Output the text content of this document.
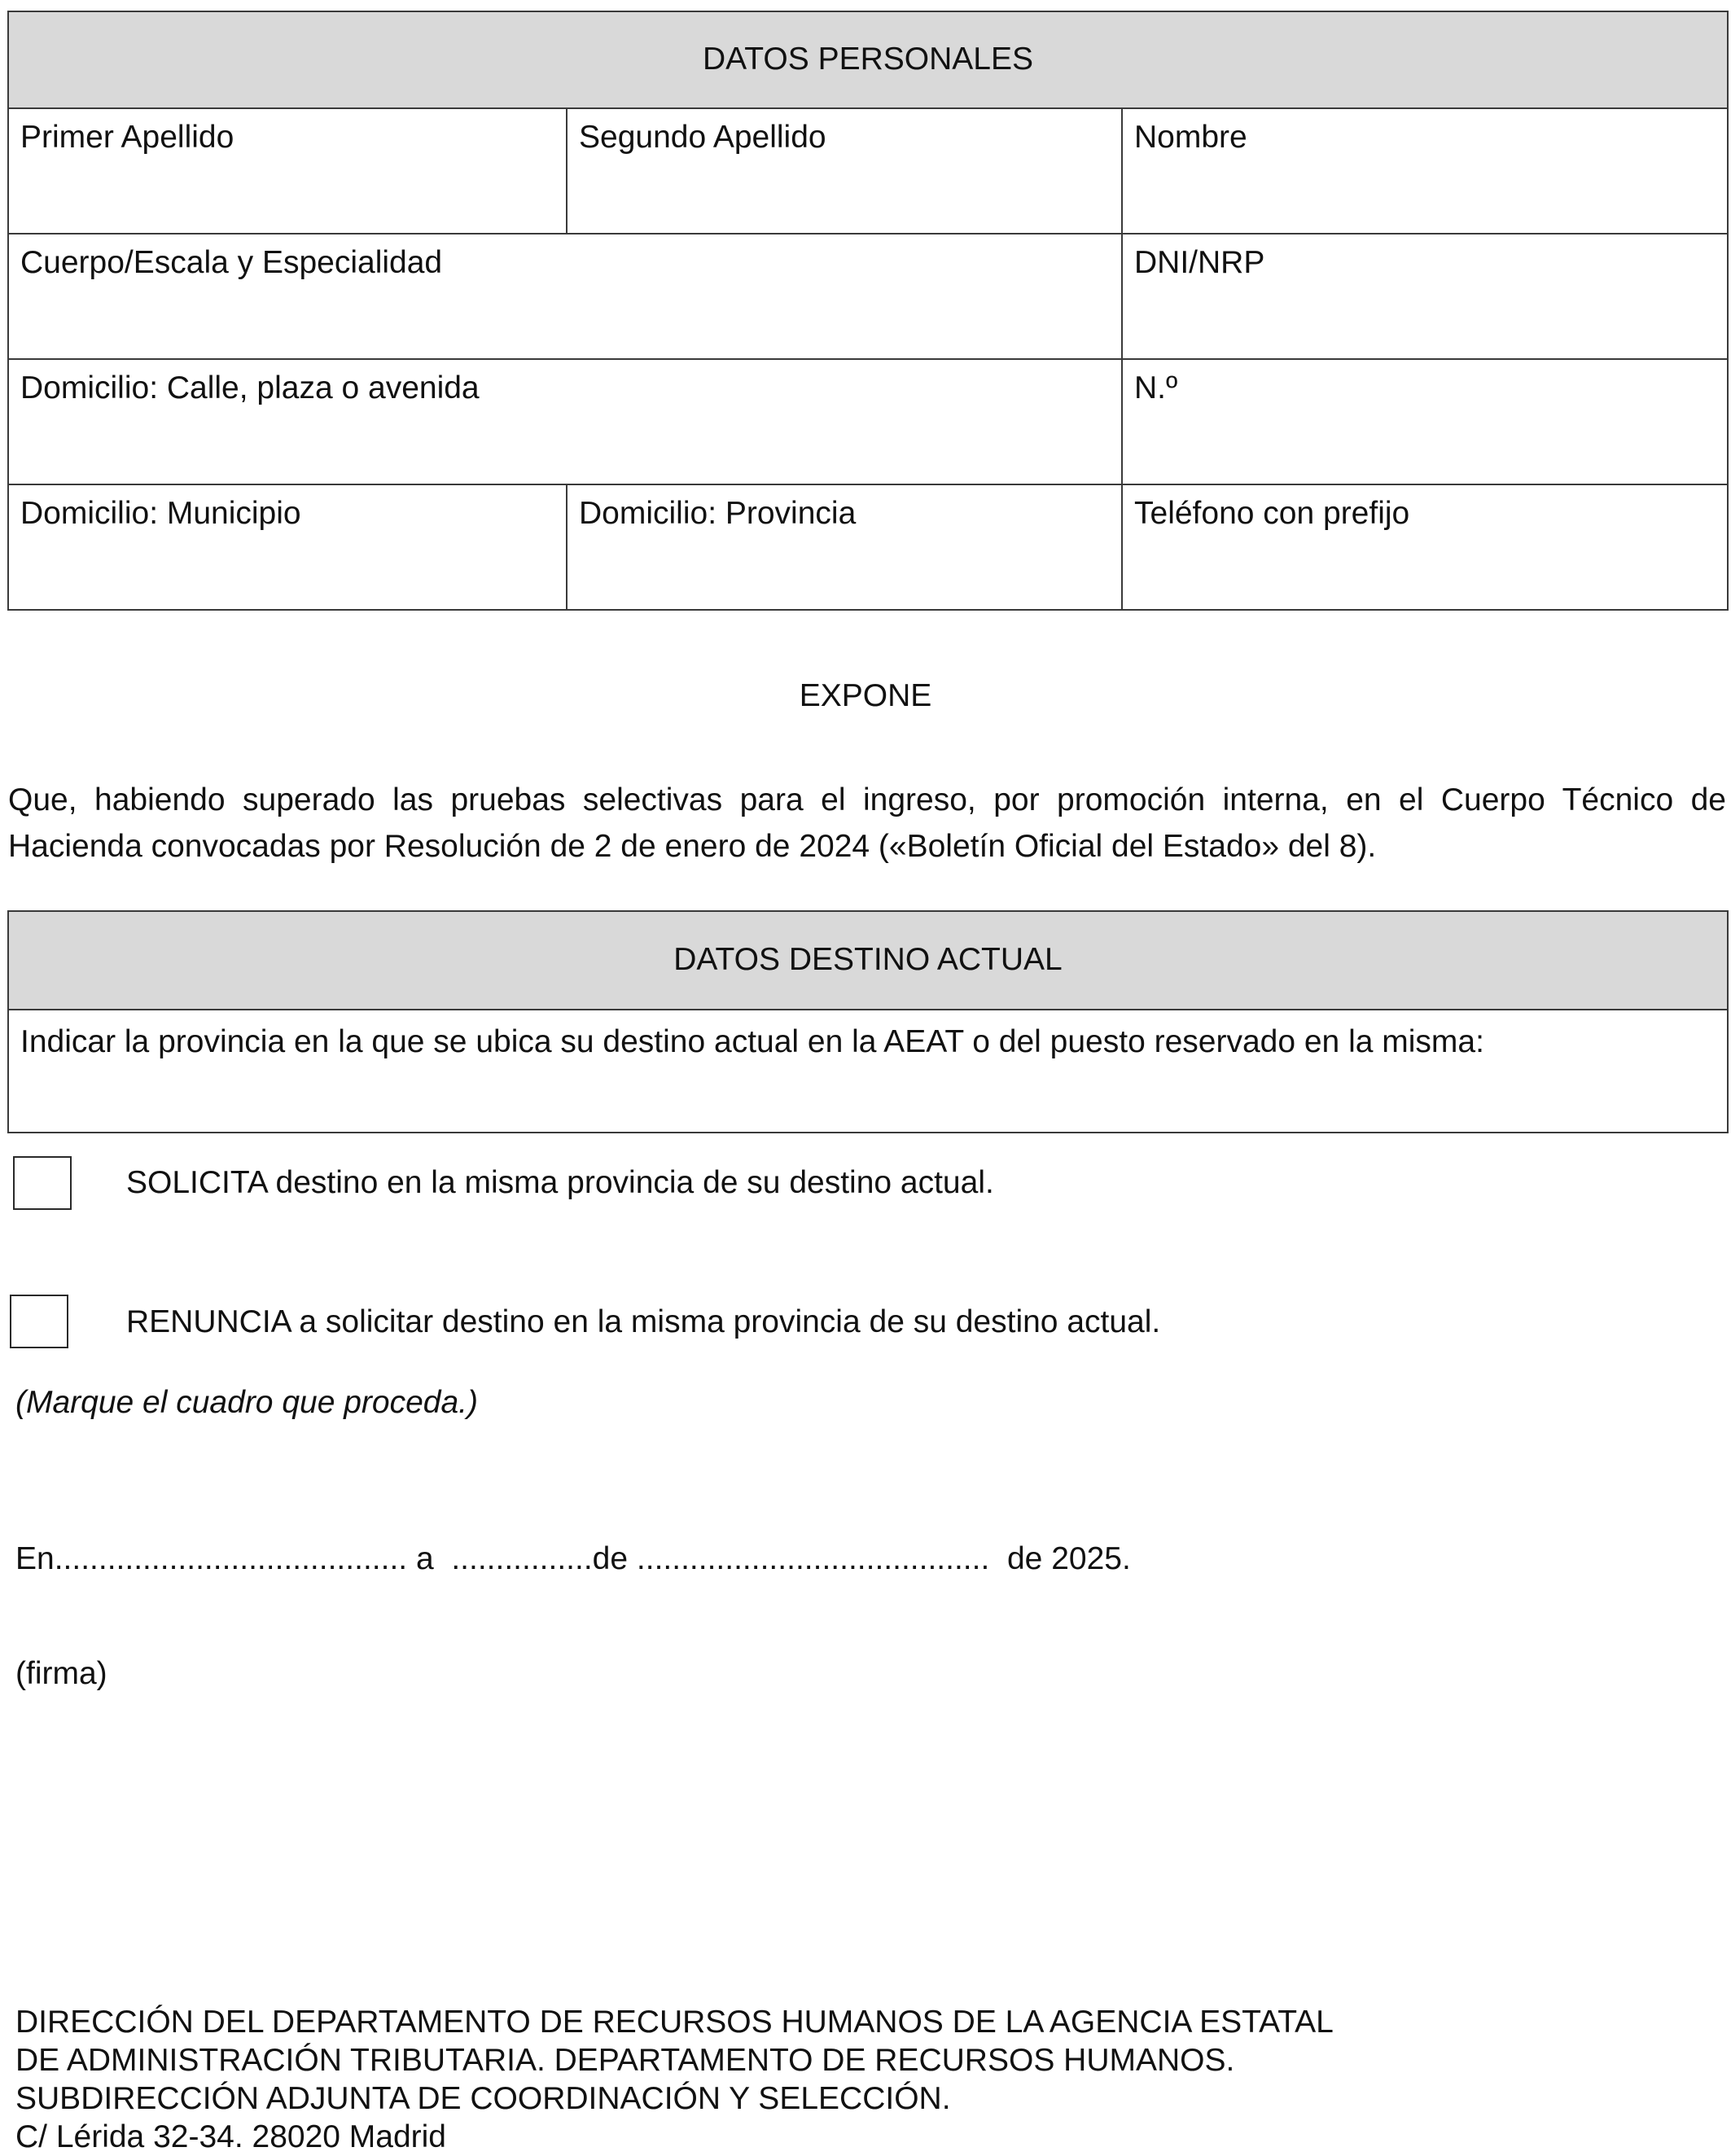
DATOS PERSONALES		

Primer Apellido	Segundo Apellido	Nombre

Cuerpo/Escala y Especialidad		DNI/NRP

Domicilio: Calle, plaza o avenida		N.º

Domicilio: Municipio	Domicilio: Provincia	Teléfono con prefijo
EXPONE
Que, habiendo superado las pruebas selectivas para el ingreso, por promoción interna, en el Cuerpo Técnico de Hacienda convocadas por Resolución de 2 de enero de 2024 («Boletín Oficial del Estado» del 8).
DATOS DESTINO ACTUAL

Indicar la provincia en la que se ubica su destino actual en la AEAT o del puesto reservado en la misma:
SOLICITA destino en la misma provincia de su destino actual.
RENUNCIA a solicitar destino en la misma provincia de su destino actual.
(Marque el cuadro que proceda.)
En........................................ a  ................de ........................................  de 2025.
(firma)
DIRECCIÓN DEL DEPARTAMENTO DE RECURSOS HUMANOS DE LA AGENCIA ESTATAL
DE ADMINISTRACIÓN TRIBUTARIA. DEPARTAMENTO DE RECURSOS HUMANOS.
SUBDIRECCIÓN ADJUNTA DE COORDINACIÓN Y SELECCIÓN.
C/ Lérida 32-34. 28020 Madrid
